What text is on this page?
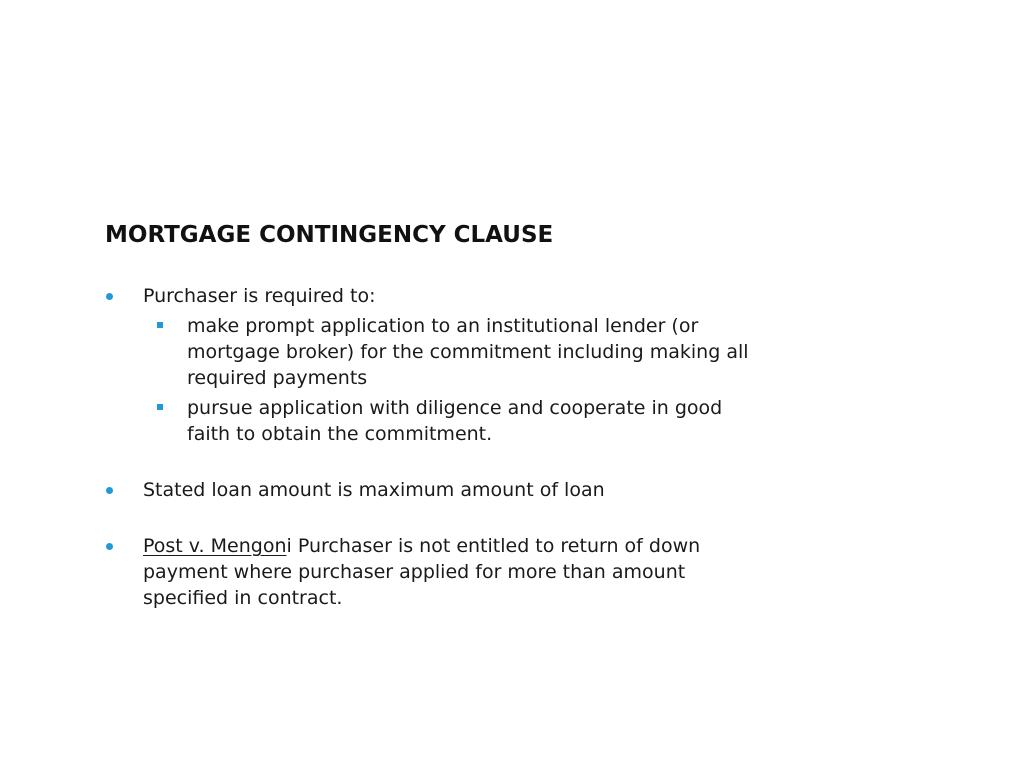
MORTGAGE CONTINGENCY CLAUSE
Purchaser is required to:
make prompt application to an institutional lender (or mortgage broker) for the commitment including making all required payments
pursue application with diligence and cooperate in good faith to obtain the commitment.
Stated loan amount is maximum amount of loan
Post v. Mengoni Purchaser is not entitled to return of down payment where purchaser applied for more than amount specified in contract.
